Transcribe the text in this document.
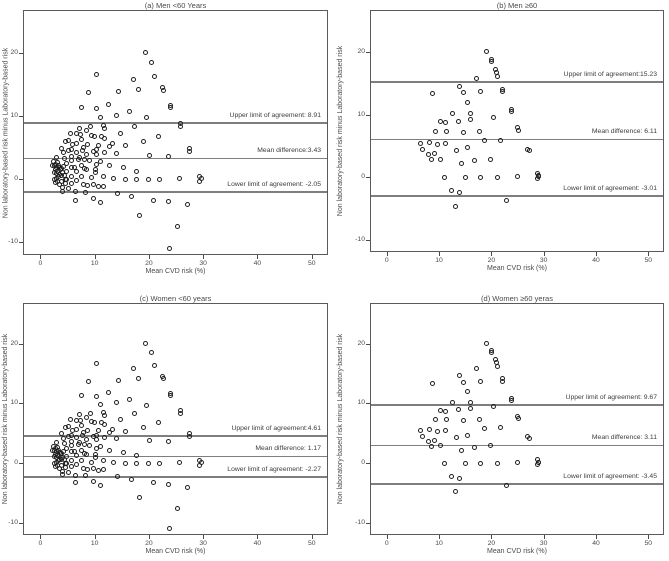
(a) Men <60 Years
Non laboratory-based risk minus Laboratory-based risk
Mean CVD risk (%)
0	10	20	30	40	50
-10
0
10
20
Upper limit of agreement: 8.91
Mean difference:3.43
Lower limit of agreement: -2.05
(b) Men ≥60
Non laboratory-based risk minus Laboratory-based risk
Mean CVD risk (%)
0	10	20	30	40	50
-10
0
10
20
Upper limit of agreement:15.23
Mean difference: 6.11
Lower limit of agreement: -3.01
(c) Women <60 years
Non laboratory-based risk minus Laboratory-based risk
Mean CVD risk (%)
0	10	20	30	40	50
-10
0
10
20
Upper limit of agreement:4.61
Mean difference: 1.17
Lower limit of agreement: -2.27
(d) Women ≥60 yeras
Non laboratory-based risk minus Laboratory-based risk
Mean CVD risk (%)
0	10	20	30	40	50
-10
0
10
20
Upper limit of agreement: 9.67
Mean difference: 3.11
Lower limit of agreement: -3.45
